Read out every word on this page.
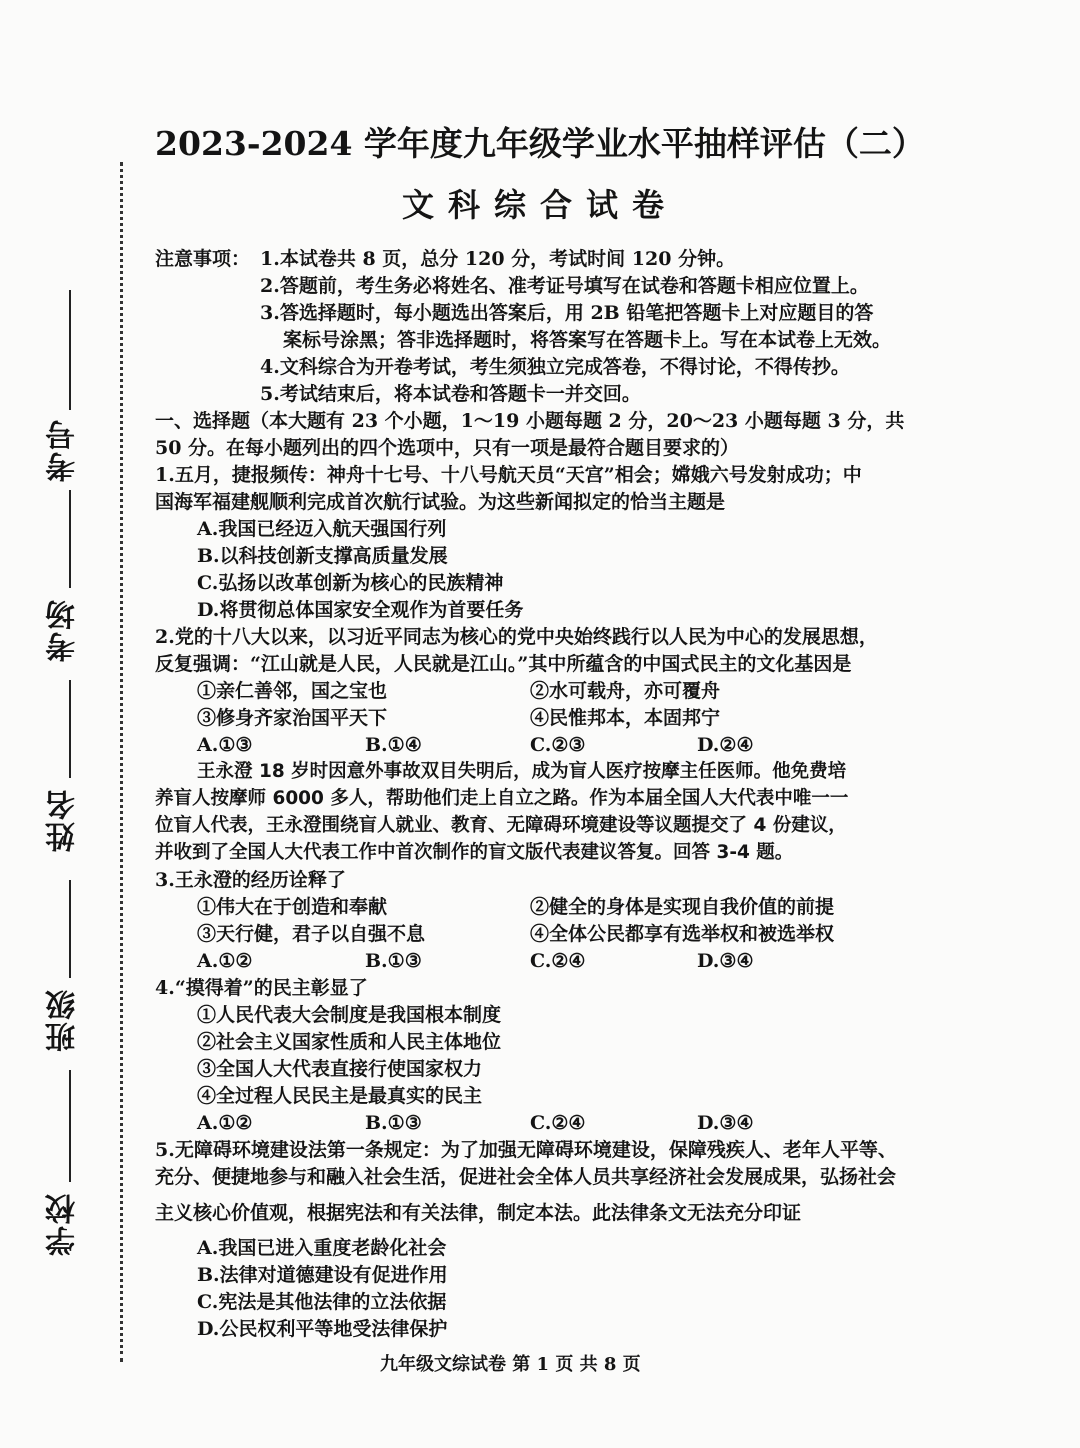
考号
考场
姓名
班级
学校
2023-2024 学年度九年级学业水平抽样评估（二）
文科综合试卷
注意事项： 1.本试卷共 8 页，总分 120 分，考试时间 120 分钟。
2.答题前，考生务必将姓名、准考证号填写在试卷和答题卡相应位置上。
3.答选择题时，每小题选出答案后，用 2B 铅笔把答题卡上对应题目的答
案标号涂黑；答非选择题时，将答案写在答题卡上。写在本试卷上无效。
4.文科综合为开卷考试，考生须独立完成答卷，不得讨论，不得传抄。
5.考试结束后，将本试卷和答题卡一并交回。
一、选择题（本大题有 23 个小题，1～19 小题每题 2 分，20～23 小题每题 3 分，共
50 分。在每小题列出的四个选项中，只有一项是最符合题目要求的）
1.五月，捷报频传：神舟十七号、十八号航天员“天宫”相会；嫦娥六号发射成功；中
国海军福建舰顺利完成首次航行试验。为这些新闻拟定的恰当主题是
A.我国已经迈入航天强国行列
B.以科技创新支撑高质量发展
C.弘扬以改革创新为核心的民族精神
D.将贯彻总体国家安全观作为首要任务
2.党的十八大以来，以习近平同志为核心的党中央始终践行以人民为中心的发展思想，
反复强调：“江山就是人民，人民就是江山。”其中所蕴含的中国式民主的文化基因是
①亲仁善邻，国之宝也	②水可载舟，亦可覆舟
③修身齐家治国平天下	④民惟邦本，本固邦宁
A.①③	B.①④	C.②③	D.②④
王永澄 18 岁时因意外事故双目失明后，成为盲人医疗按摩主任医师。他免费培
养盲人按摩师 6000 多人，帮助他们走上自立之路。作为本届全国人大代表中唯一一
位盲人代表，王永澄围绕盲人就业、教育、无障碍环境建设等议题提交了 4 份建议，
并收到了全国人大代表工作中首次制作的盲文版代表建议答复。回答 3-4 题。
3.王永澄的经历诠释了
①伟大在于创造和奉献	②健全的身体是实现自我价值的前提
③天行健，君子以自强不息	④全体公民都享有选举权和被选举权
A.①②	B.①③	C.②④	D.③④
4.“摸得着”的民主彰显了
①人民代表大会制度是我国根本制度
②社会主义国家性质和人民主体地位
③全国人大代表直接行使国家权力
④全过程人民民主是最真实的民主
A.①②	B.①③	C.②④	D.③④
5.无障碍环境建设法第一条规定：为了加强无障碍环境建设，保障残疾人、老年人平等、
充分、便捷地参与和融入社会生活，促进社会全体人员共享经济社会发展成果，弘扬社会
主义核心价值观，根据宪法和有关法律，制定本法。此法律条文无法充分印证
A.我国已进入重度老龄化社会
B.法律对道德建设有促进作用
C.宪法是其他法律的立法依据
D.公民权利平等地受法律保护
九年级文综试卷 第 1 页 共 8 页
